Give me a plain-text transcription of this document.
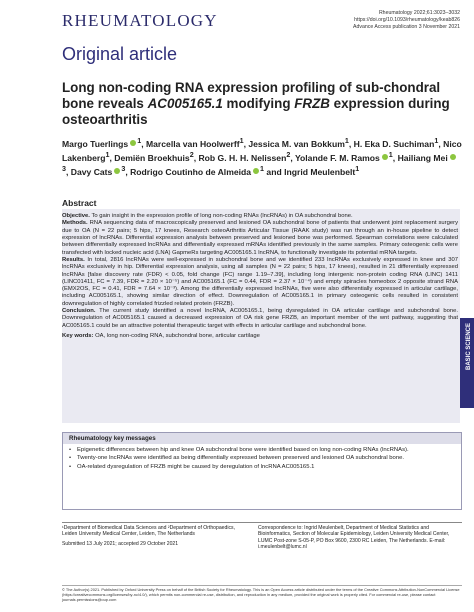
RHEUMATOLOGY	Rheumatology 2022;61:3023–3032
https://doi.org/10.1093/rheumatology/keab826
Advance Access publication 3 November 2021
Original article
Long non-coding RNA expression profiling of sub-chondral bone reveals AC005165.1 modifying FRZB expression during osteoarthritis
Margo Tuerlings $^1$, Marcella van Hoolwerff$^1$, Jessica M. van Bokkum$^1$, H. Eka D. Suchiman$^1$, Nico Lakenberg$^1$, Demiën Broekhuis$^2$, Rob G. H. H. Nelissen$^2$, Yolande F. M. Ramos $^1$, Hailiang Mei$^3$, Davy Cats $^3$, Rodrigo Coutinho de Almeida $^1$ and Ingrid Meulenbelt$^1$
Abstract

Objective. To gain insight in the expression profile of long non-coding RNAs (lncRNAs) in OA subchondral bone.

Methods. RNA sequencing data of macroscopically preserved and lesioned OA subchondral bone of patients that underwent joint replacement surgery due to OA (N = 22 pairs; 5 hips, 17 knees, Research osteoArthritis Articular Tissue (RAAK study) was run through an in-house pipeline to detect expression of lncRNAs. Differential expression analysis between preserved and lesioned bone was performed. Spearman correlations were calculated between differentially expressed lncRNAs and differentially expressed mRNAs identified previously in the same samples. Primary osteogenic cells were transfected with locked nucleic acid (LNA) GapmeRs targeting AC005165.1 lncRNA, to functionally investigate its potential mRNA targets.

Results. In total, 2816 lncRNAs were well-expressed in subchondral bone and we identified 233 lncRNAs exclusively expressed in knee and 307 lncRNAs exclusively in hip. Differential expression analysis, using all samples (N = 22 pairs; 5 hips, 17 knees), resulted in 21 differentially expressed lncRNAs [false discovery rate (FDR) < 0.05, fold change (FC) range 1.19–7.39], including long intergenic non-protein coding RNA (LINC) 1411 (LINC01411, FC = 7.39, FDR = 2.20 × 10⁻⁵) and AC005165.1 (FC = 0.44, FDR = 2.37 × 10⁻⁴) and empty spiracles homeobox 2 opposite strand RNA (EMX2OS, FC = 0.41, FDR = 7.64 × 10⁻³). Among the differentially expressed lncRNAs, five were also differentially expressed in articular cartilage, including AC005165.1, showing similar direction of effect. Downregulation of AC005165.1 in primary osteogenic cells resulted in consistent downregulation of highly correlated frizzled related protein (FRZB).

Conclusion. The current study identified a novel lncRNA, AC005165.1, being dysregulated in OA articular cartilage and subchondral bone. Downregulation of AC005165.1 caused a decreased expression of OA risk gene FRZB, an important member of the wnt pathway, suggesting that AC005165.1 could be an attractive potential therapeutic target with effects in articular cartilage and subchondral bone.

Key words: OA, long non-coding RNA, subchondral bone, articular cartilage	BASIC SCIENCE
Rheumatology key messages
• Epigenetic differences between hip and knee OA subchondral bone were identified based on long non-coding RNAs (lncRNAs).
• Twenty-one lncRNAs were identified as being differentially expressed between preserved and lesioned OA subchondral bone.
• OA-related dysregulation of FRZB might be caused by deregulation of lncRNA AC005165.1
¹Department of Biomedical Data Sciences and ²Department of Orthopaedics, Leiden University Medical Center, Leiden, The Netherlands
Submitted 13 July 2021; accepted 29 October 2021
Correspondence to: Ingrid Meulenbelt, Department of Medical Statistics and Bioinformatics, Section of Molecular Epidemiology, Leiden University Medical Center, LUMC Post-zone S-05-P, PO Box 9600, 2300 RC Leiden, The Netherlands. E-mail: i.meulenbelt@lumc.nl
© The Author(s) 2021. Published by Oxford University Press on behalf of the British Society for Rheumatology. This is an Open Access article distributed under the terms of the Creative Commons Attribution-NonCommercial License (https://creativecommons.org/licenses/by-nc/4.0/), which permits non-commercial re-use, distribution, and reproduction in any medium, provided the original work is properly cited. For commercial re-use, please contact journals.permissions@oup.com
